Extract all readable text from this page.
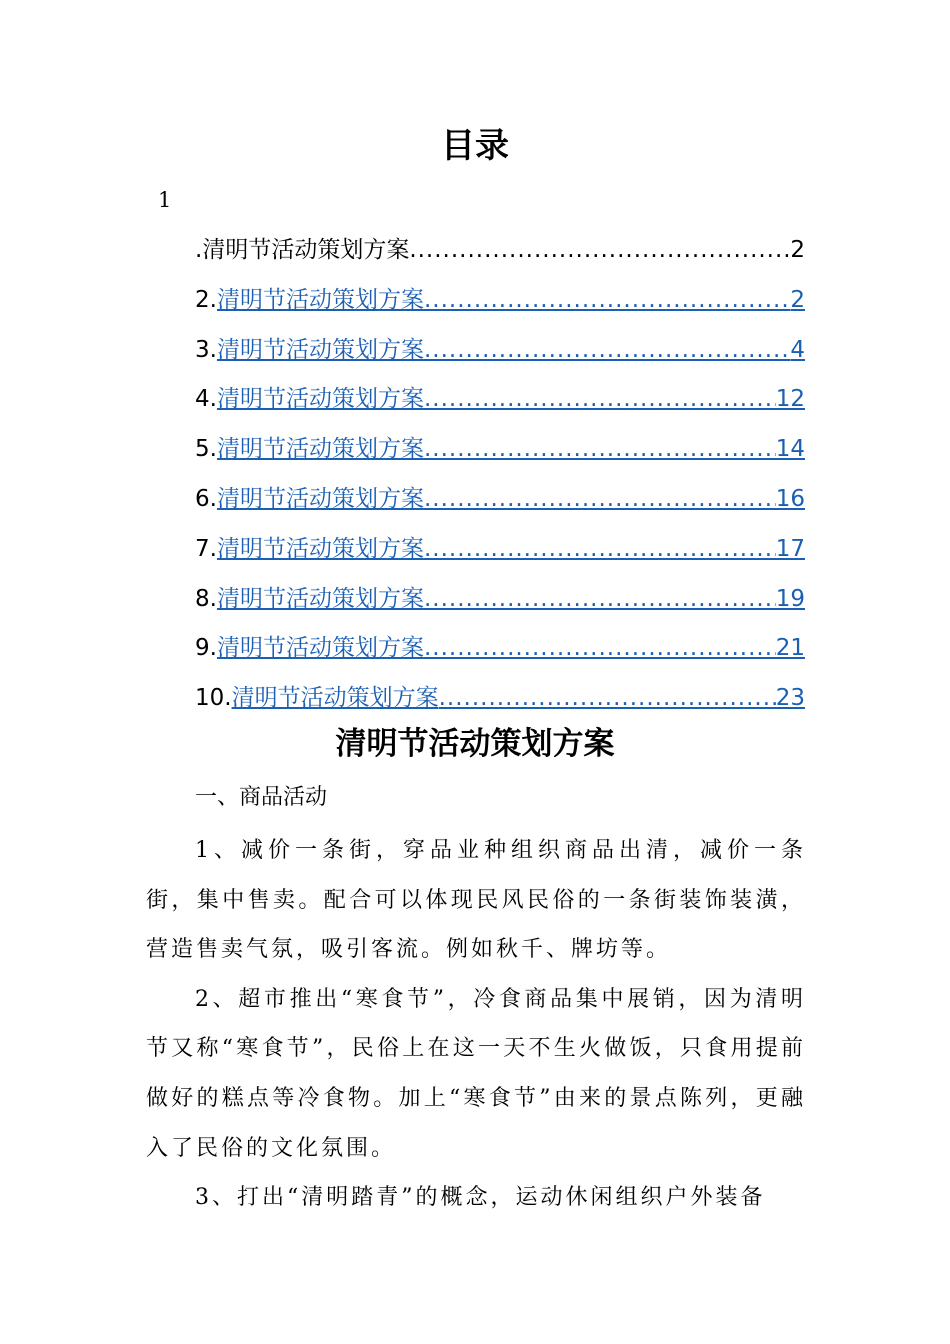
目录
1
. 清明节活动策划方案 .....	2
2. 清明节活动策划方案 .....	2
3. 清明节活动策划方案 .....	4
4. 清明节活动策划方案 .....	12
5. 清明节活动策划方案 .....	14
6. 清明节活动策划方案 .....	16
7. 清明节活动策划方案 .....	17
8. 清明节活动策划方案 .....	19
9. 清明节活动策划方案 .....	21
10. 清明节活动策划方案 .....	23
清明节活动策划方案
一、商品活动

1、减价一条街，穿品业种组织商品出清，减价一条街，集中售卖。配合可以体现民风民俗的一条街装饰装潢，营造售卖气氛，吸引客流。例如秋千、牌坊等。

2、超市推出“寒食节”，冷食商品集中展销，因为清明节又称“寒食节”，民俗上在这一天不生火做饭，只食用提前做好的糕点等冷食物。加上“寒食节”由来的景点陈列，更融入了民俗的文化氛围。

3、打出“清明踏青”的概念，运动休闲组织户外装备
